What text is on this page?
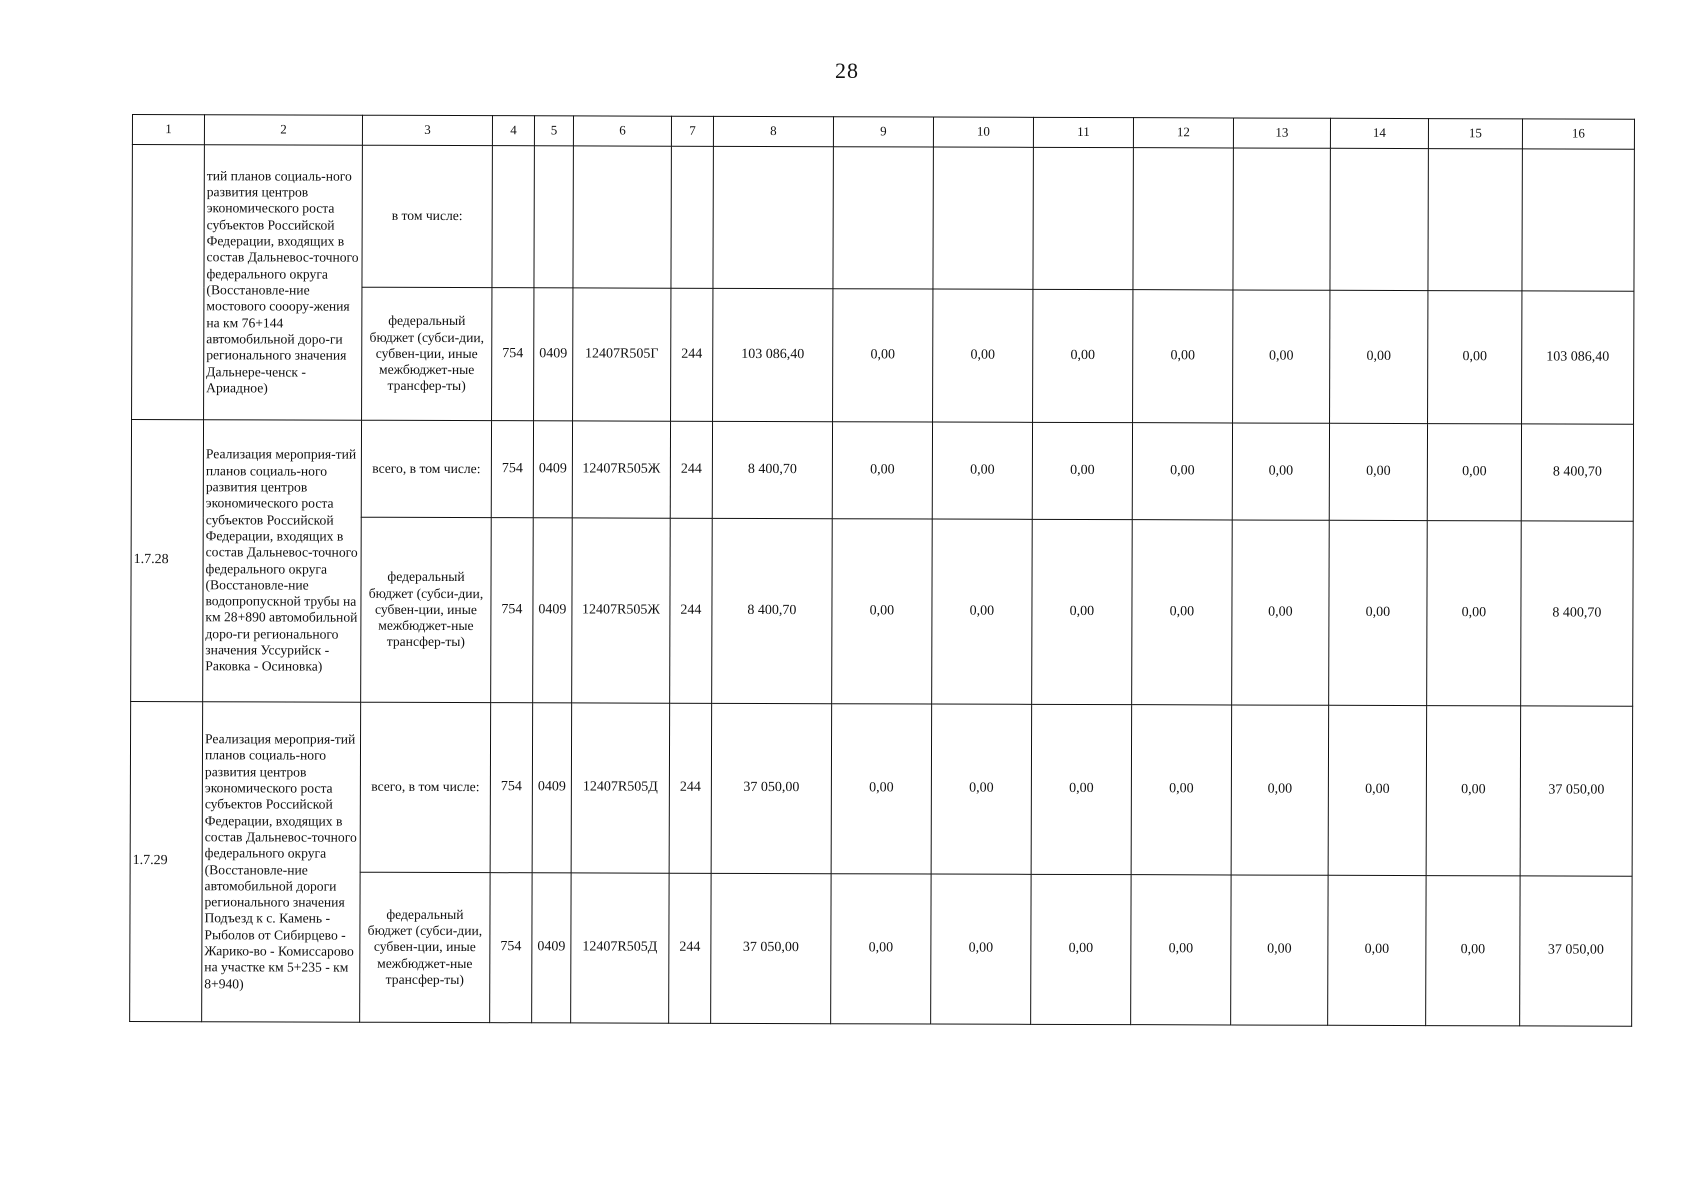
28
1	2	3	4	5	6	7	8	9	10	11	12	13	14	15	16
	тий планов социаль-ного развития центров экономического роста субъектов Российской Федерации, входящих в состав Дальневос-точного федерального округа (Восстановле-ние мостового сооору-жения на км 76+144 автомобильной доро-ги регионального значения Дальнере-ченск - Ариадное)	в том числе:													
		федеральный бюджет (субси-дии, субвен-ции, иные межбюджет-ные трансфер-ты)	754	0409	12407R505Г	244	103 086,40	0,00	0,00	0,00	0,00	0,00	0,00	0,00	103 086,40
1.7.28	Реализация мероприя-тий планов социаль-ного развития центров экономического роста субъектов Российской Федерации, входящих в состав Дальневос-точного федерального округа (Восстановле-ние водопропускной трубы на км 28+890 автомобильной доро-ги регионального значения Уссурийск - Раковка - Осиновка)	всего, в том числе:	754	0409	12407R505Ж	244	8 400,70	0,00	0,00	0,00	0,00	0,00	0,00	0,00	8 400,70
		федеральный бюджет (субси-дии, субвен-ции, иные межбюджет-ные трансфер-ты)	754	0409	12407R505Ж	244	8 400,70	0,00	0,00	0,00	0,00	0,00	0,00	0,00	8 400,70
1.7.29	Реализация мероприя-тий планов социаль-ного развития центров экономического роста субъектов Российской Федерации, входящих в состав Дальневос-точного федерального округа (Восстановле-ние автомобильной дороги регионального значения Подъезд к с. Камень - Рыболов от Сибирцево - Жарико-во - Комиссарово на участке км 5+235 - км 8+940)	всего, в том числе:	754	0409	12407R505Д	244	37 050,00	0,00	0,00	0,00	0,00	0,00	0,00	0,00	37 050,00
		федеральный бюджет (субси-дии, субвен-ции, иные межбюджет-ные трансфер-ты)	754	0409	12407R505Д	244	37 050,00	0,00	0,00	0,00	0,00	0,00	0,00	0,00	37 050,00
